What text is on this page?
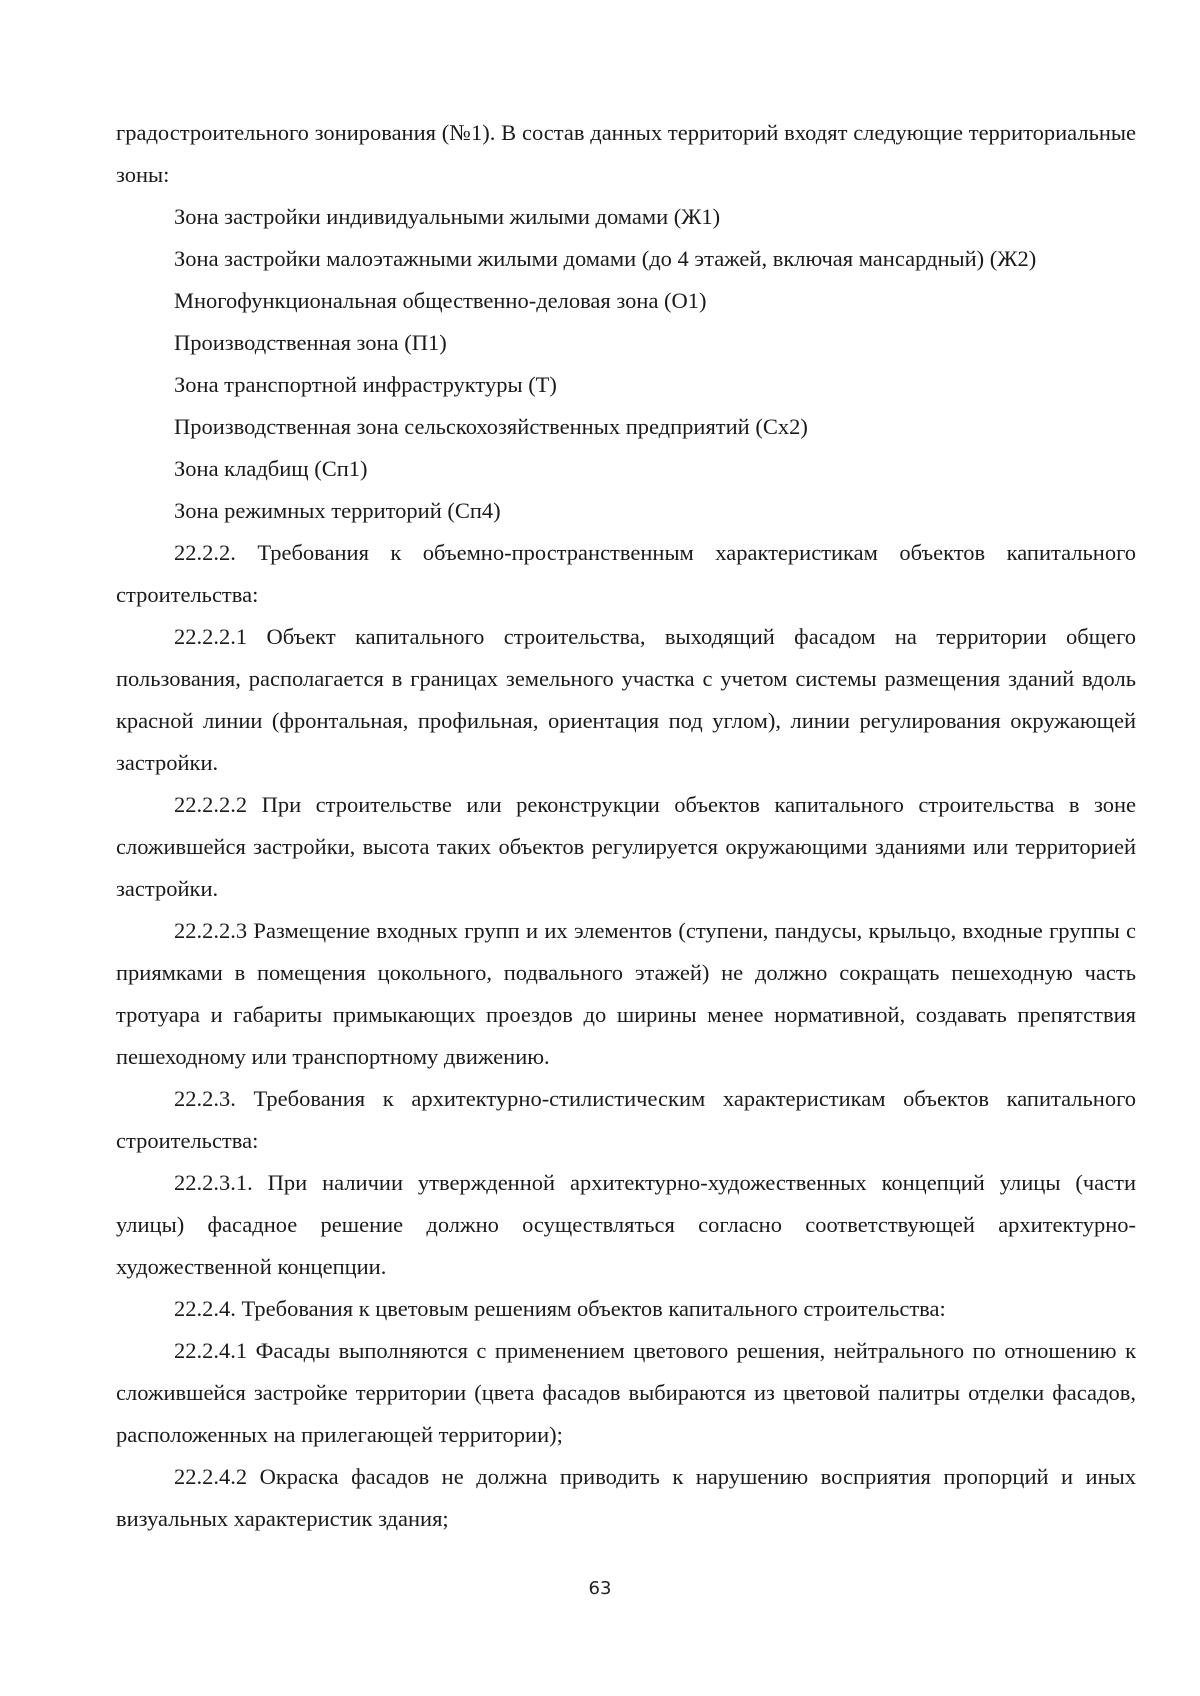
градостроительного зонирования (№1). В состав данных территорий входят следующие территориальные зоны:

Зона застройки индивидуальными жилыми домами (Ж1)

Зона застройки малоэтажными жилыми домами (до 4 этажей, включая мансардный) (Ж2)

Многофункциональная общественно-деловая зона (О1)

Производственная зона (П1)

Зона транспортной инфраструктуры (Т)

Производственная зона сельскохозяйственных предприятий (Сх2)

Зона кладбищ (Сп1)

Зона режимных территорий (Сп4)

22.2.2. Требования к объемно-пространственным характеристикам объектов капитального строительства:

22.2.2.1 Объект капитального строительства, выходящий фасадом на территории общего пользования, располагается в границах земельного участка с учетом системы размещения зданий вдоль красной линии (фронтальная, профильная, ориентация под углом), линии регулирования окружающей застройки.

22.2.2.2 При строительстве или реконструкции объектов капитального строительства в зоне сложившейся застройки, высота таких объектов регулируется окружающими зданиями или территорией застройки.

22.2.2.3 Размещение входных групп и их элементов (ступени, пандусы, крыльцо, входные группы с приямками в помещения цокольного, подвального этажей) не должно сокращать пешеходную часть тротуара и габариты примыкающих проездов до ширины менее нормативной, создавать препятствия пешеходному или транспортному движению.

22.2.3. Требования к архитектурно-стилистическим характеристикам объектов капитального строительства:

22.2.3.1. При наличии утвержденной архитектурно-художественных концепций улицы (части улицы) фасадное решение должно осуществляться согласно соответствующей архитектурно-художественной концепции.

22.2.4. Требования к цветовым решениям объектов капитального строительства:

22.2.4.1 Фасады выполняются с применением цветового решения, нейтрального по отношению к сложившейся застройке территории (цвета фасадов выбираются из цветовой палитры отделки фасадов, расположенных на прилегающей территории);

22.2.4.2 Окраска фасадов не должна приводить к нарушению восприятия пропорций и иных визуальных характеристик здания;

63
